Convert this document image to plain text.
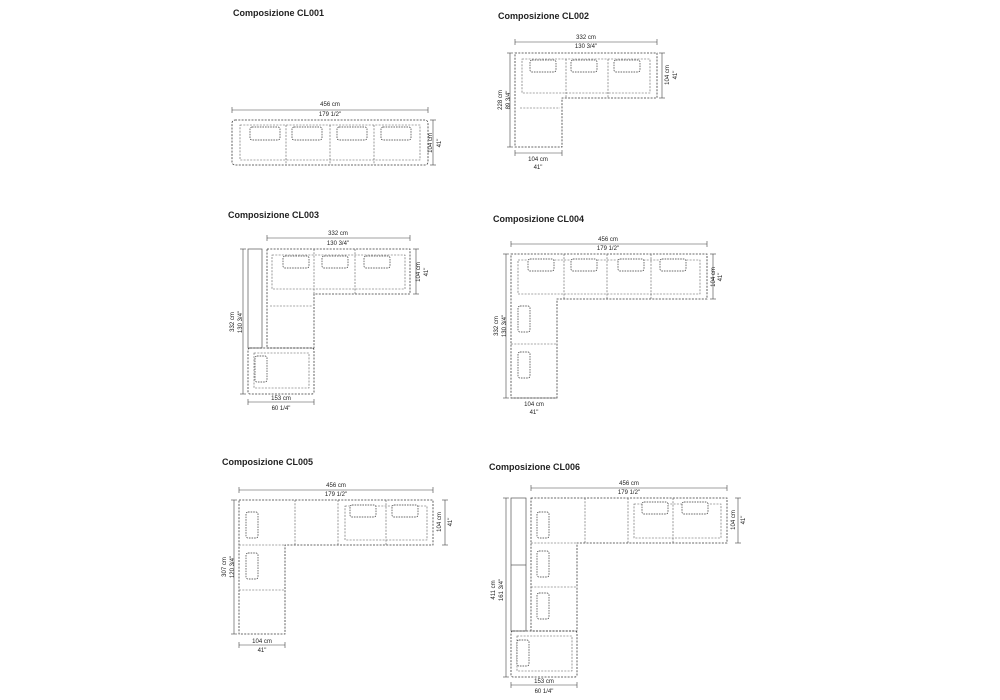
Composizione CL001
456 cm
179 1/2"
104 cm 41"
Composizione CL002
332 cm
130 3/4"
104 cm 41"
228 cm 89 3/4"
104 cm
41"
Composizione CL003
332 cm
130 3/4"
104 cm 41"
332 cm 130 3/4"
153 cm
60 1/4"
Composizione CL004
456 cm
179 1/2"
104 cm 41"
332 cm 130 3/4"
104 cm
41"
Composizione CL005
456 cm
179 1/2"
104 cm 41"
307 cm 120 3/4"
104 cm
41"
Composizione CL006
456 cm
179 1/2"
104 cm 41"
411 cm 161 3/4"
153 cm
60 1/4"
